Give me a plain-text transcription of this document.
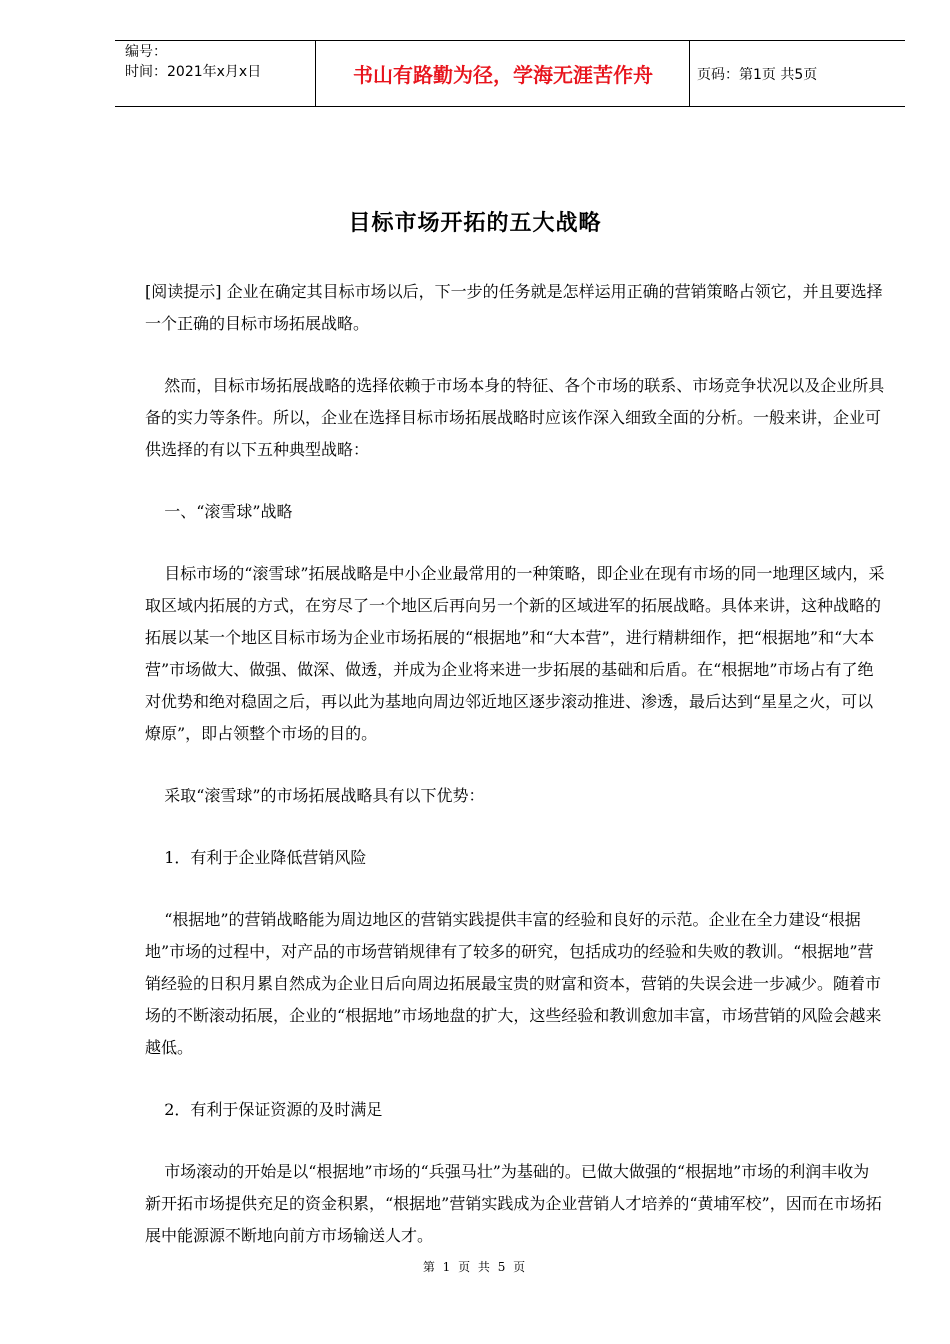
编号：
时间：2021年x月x日	书山有路勤为径，学海无涯苦作舟	页码：第1页 共5页
目标市场开拓的五大战略

[阅读提示] 企业在确定其目标市场以后，下一步的任务就是怎样运用正确的营销策略占领它，并且要选择一个正确的目标市场拓展战略。

然而，目标市场拓展战略的选择依赖于市场本身的特征、各个市场的联系、市场竞争状况以及企业所具备的实力等条件。所以，企业在选择目标市场拓展战略时应该作深入细致全面的分析。一般来讲，企业可供选择的有以下五种典型战略：

一、“滚雪球”战略

目标市场的“滚雪球”拓展战略是中小企业最常用的一种策略，即企业在现有市场的同一地理区域内，采取区域内拓展的方式，在穷尽了一个地区后再向另一个新的区域进军的拓展战略。具体来讲，这种战略的拓展以某一个地区目标市场为企业市场拓展的“根据地”和“大本营”，进行精耕细作，把“根据地”和“大本营”市场做大、做强、做深、做透，并成为企业将来进一步拓展的基础和后盾。在“根据地”市场占有了绝对优势和绝对稳固之后，再以此为基地向周边邻近地区逐步滚动推进、渗透，最后达到“星星之火，可以燎原”，即占领整个市场的目的。

采取“滚雪球”的市场拓展战略具有以下优势：

1．有利于企业降低营销风险

“根据地”的营销战略能为周边地区的营销实践提供丰富的经验和良好的示范。企业在全力建设“根据地”市场的过程中，对产品的市场营销规律有了较多的研究，包括成功的经验和失败的教训。“根据地”营销经验的日积月累自然成为企业日后向周边拓展最宝贵的财富和资本，营销的失误会进一步减少。随着市场的不断滚动拓展，企业的“根据地”市场地盘的扩大，这些经验和教训愈加丰富，市场营销的风险会越来越低。

2．有利于保证资源的及时满足

市场滚动的开始是以“根据地”市场的“兵强马壮”为基础的。已做大做强的“根据地”市场的利润丰收为新开拓市场提供充足的资金积累，“根据地”营销实践成为企业营销人才培养的“黄埔军校”，因而在市场拓展中能源源不断地向前方市场输送人才。

第 1 页 共 5 页
